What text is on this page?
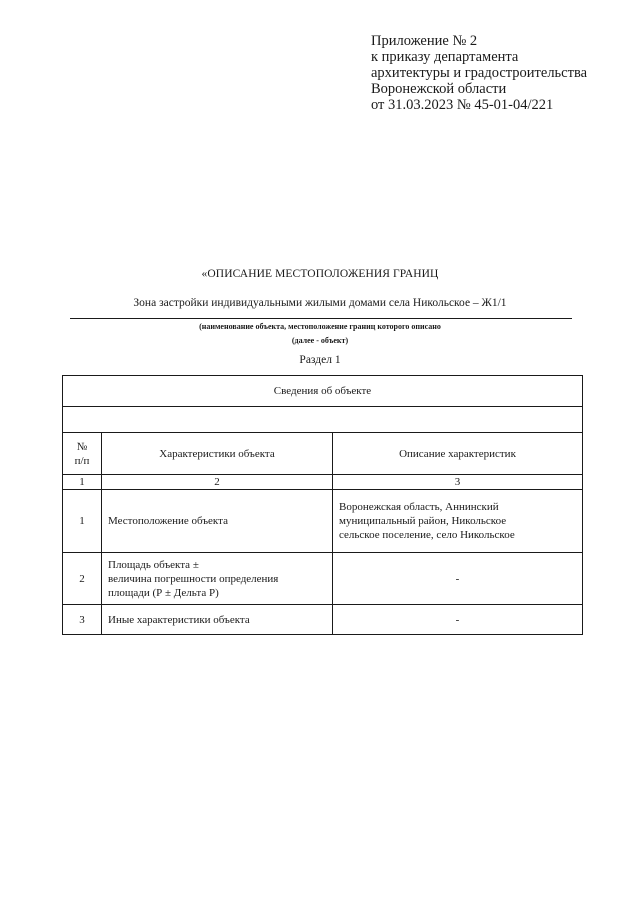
Приложение № 2
к приказу департамента
архитектуры и градостроительства
Воронежской области
от 31.03.2023 № 45-01-04/221
«ОПИСАНИЕ МЕСТОПОЛОЖЕНИЯ ГРАНИЦ
Зона застройки индивидуальными жилыми домами села Никольское – Ж1/1
(наименование объекта, местоположение границ которого описано
(далее - объект)
Раздел 1
Сведения об объекте		

№
п/п	Характеристики объекта	Описание характеристик
1	2	3
1	Местоположение объекта	Воронежская область, Аннинский
муниципальный район, Никольское
сельское поселение, село Никольское

2	Площадь объекта ±
величина погрешности определения
площади (Р ± Дельта Р)	-
3	Иные характеристики объекта	-
